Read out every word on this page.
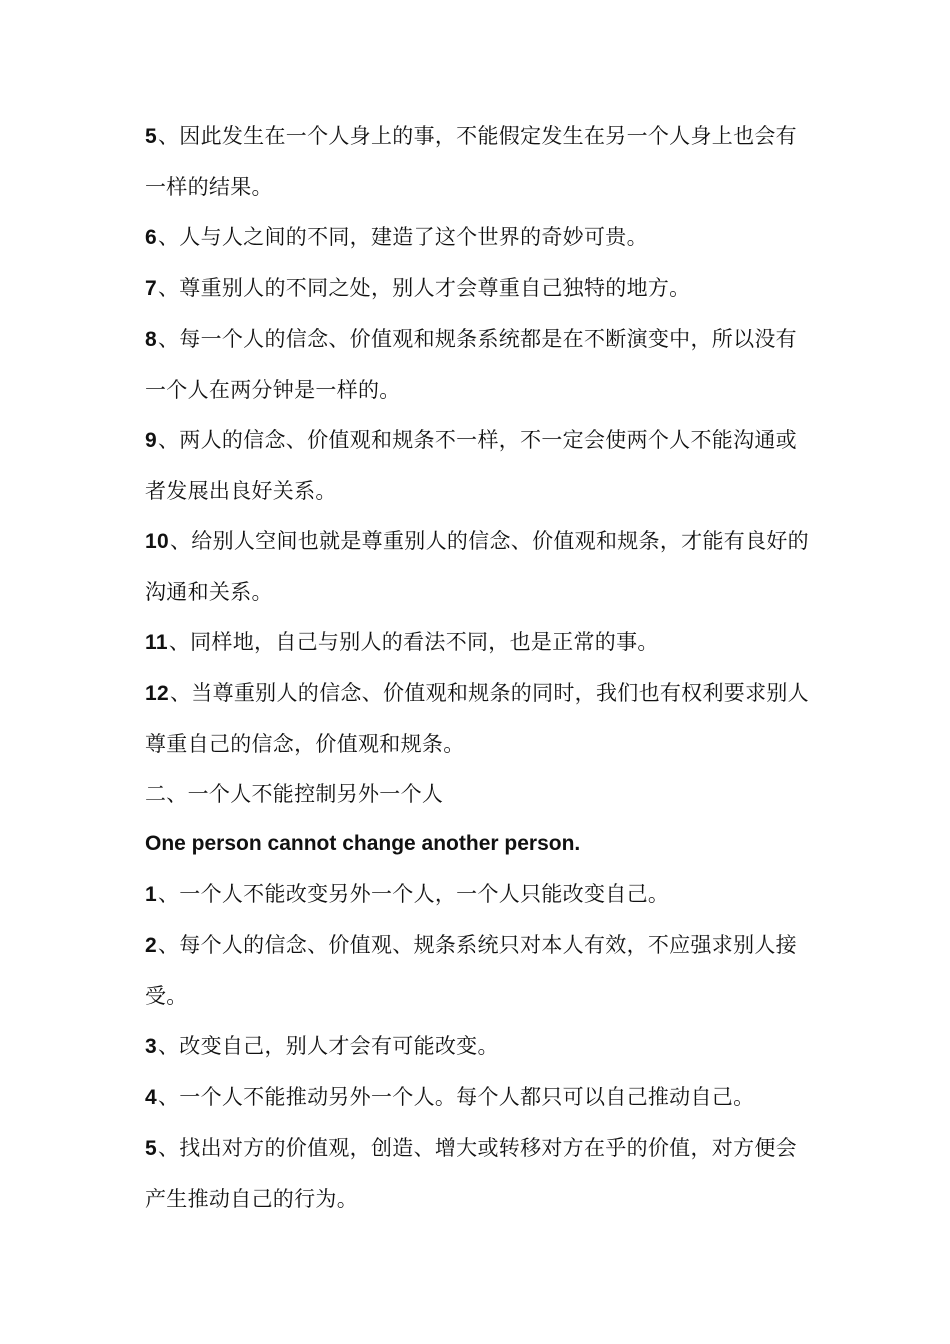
5、因此发生在一个人身上的事，不能假定发生在另一个人身上也会有一样的结果。

6、人与人之间的不同，建造了这个世界的奇妙可贵。

7、尊重别人的不同之处，别人才会尊重自己独特的地方。

8、每一个人的信念、价值观和规条系统都是在不断演变中，所以没有一个人在两分钟是一样的。

9、两人的信念、价值观和规条不一样，不一定会使两个人不能沟通或者发展出良好关系。

10、给别人空间也就是尊重别人的信念、价值观和规条，才能有良好的沟通和关系。

11、同样地，自己与别人的看法不同，也是正常的事。

12、当尊重别人的信念、价值观和规条的同时，我们也有权利要求别人尊重自己的信念，价值观和规条。

二、一个人不能控制另外一个人

One person cannot change another person.

1、一个人不能改变另外一个人，一个人只能改变自己。

2、每个人的信念、价值观、规条系统只对本人有效，不应强求别人接受。

3、改变自己，别人才会有可能改变。

4、一个人不能推动另外一个人。每个人都只可以自己推动自己。

5、找出对方的价值观，创造、增大或转移对方在乎的价值，对方便会产生推动自己的行为。
